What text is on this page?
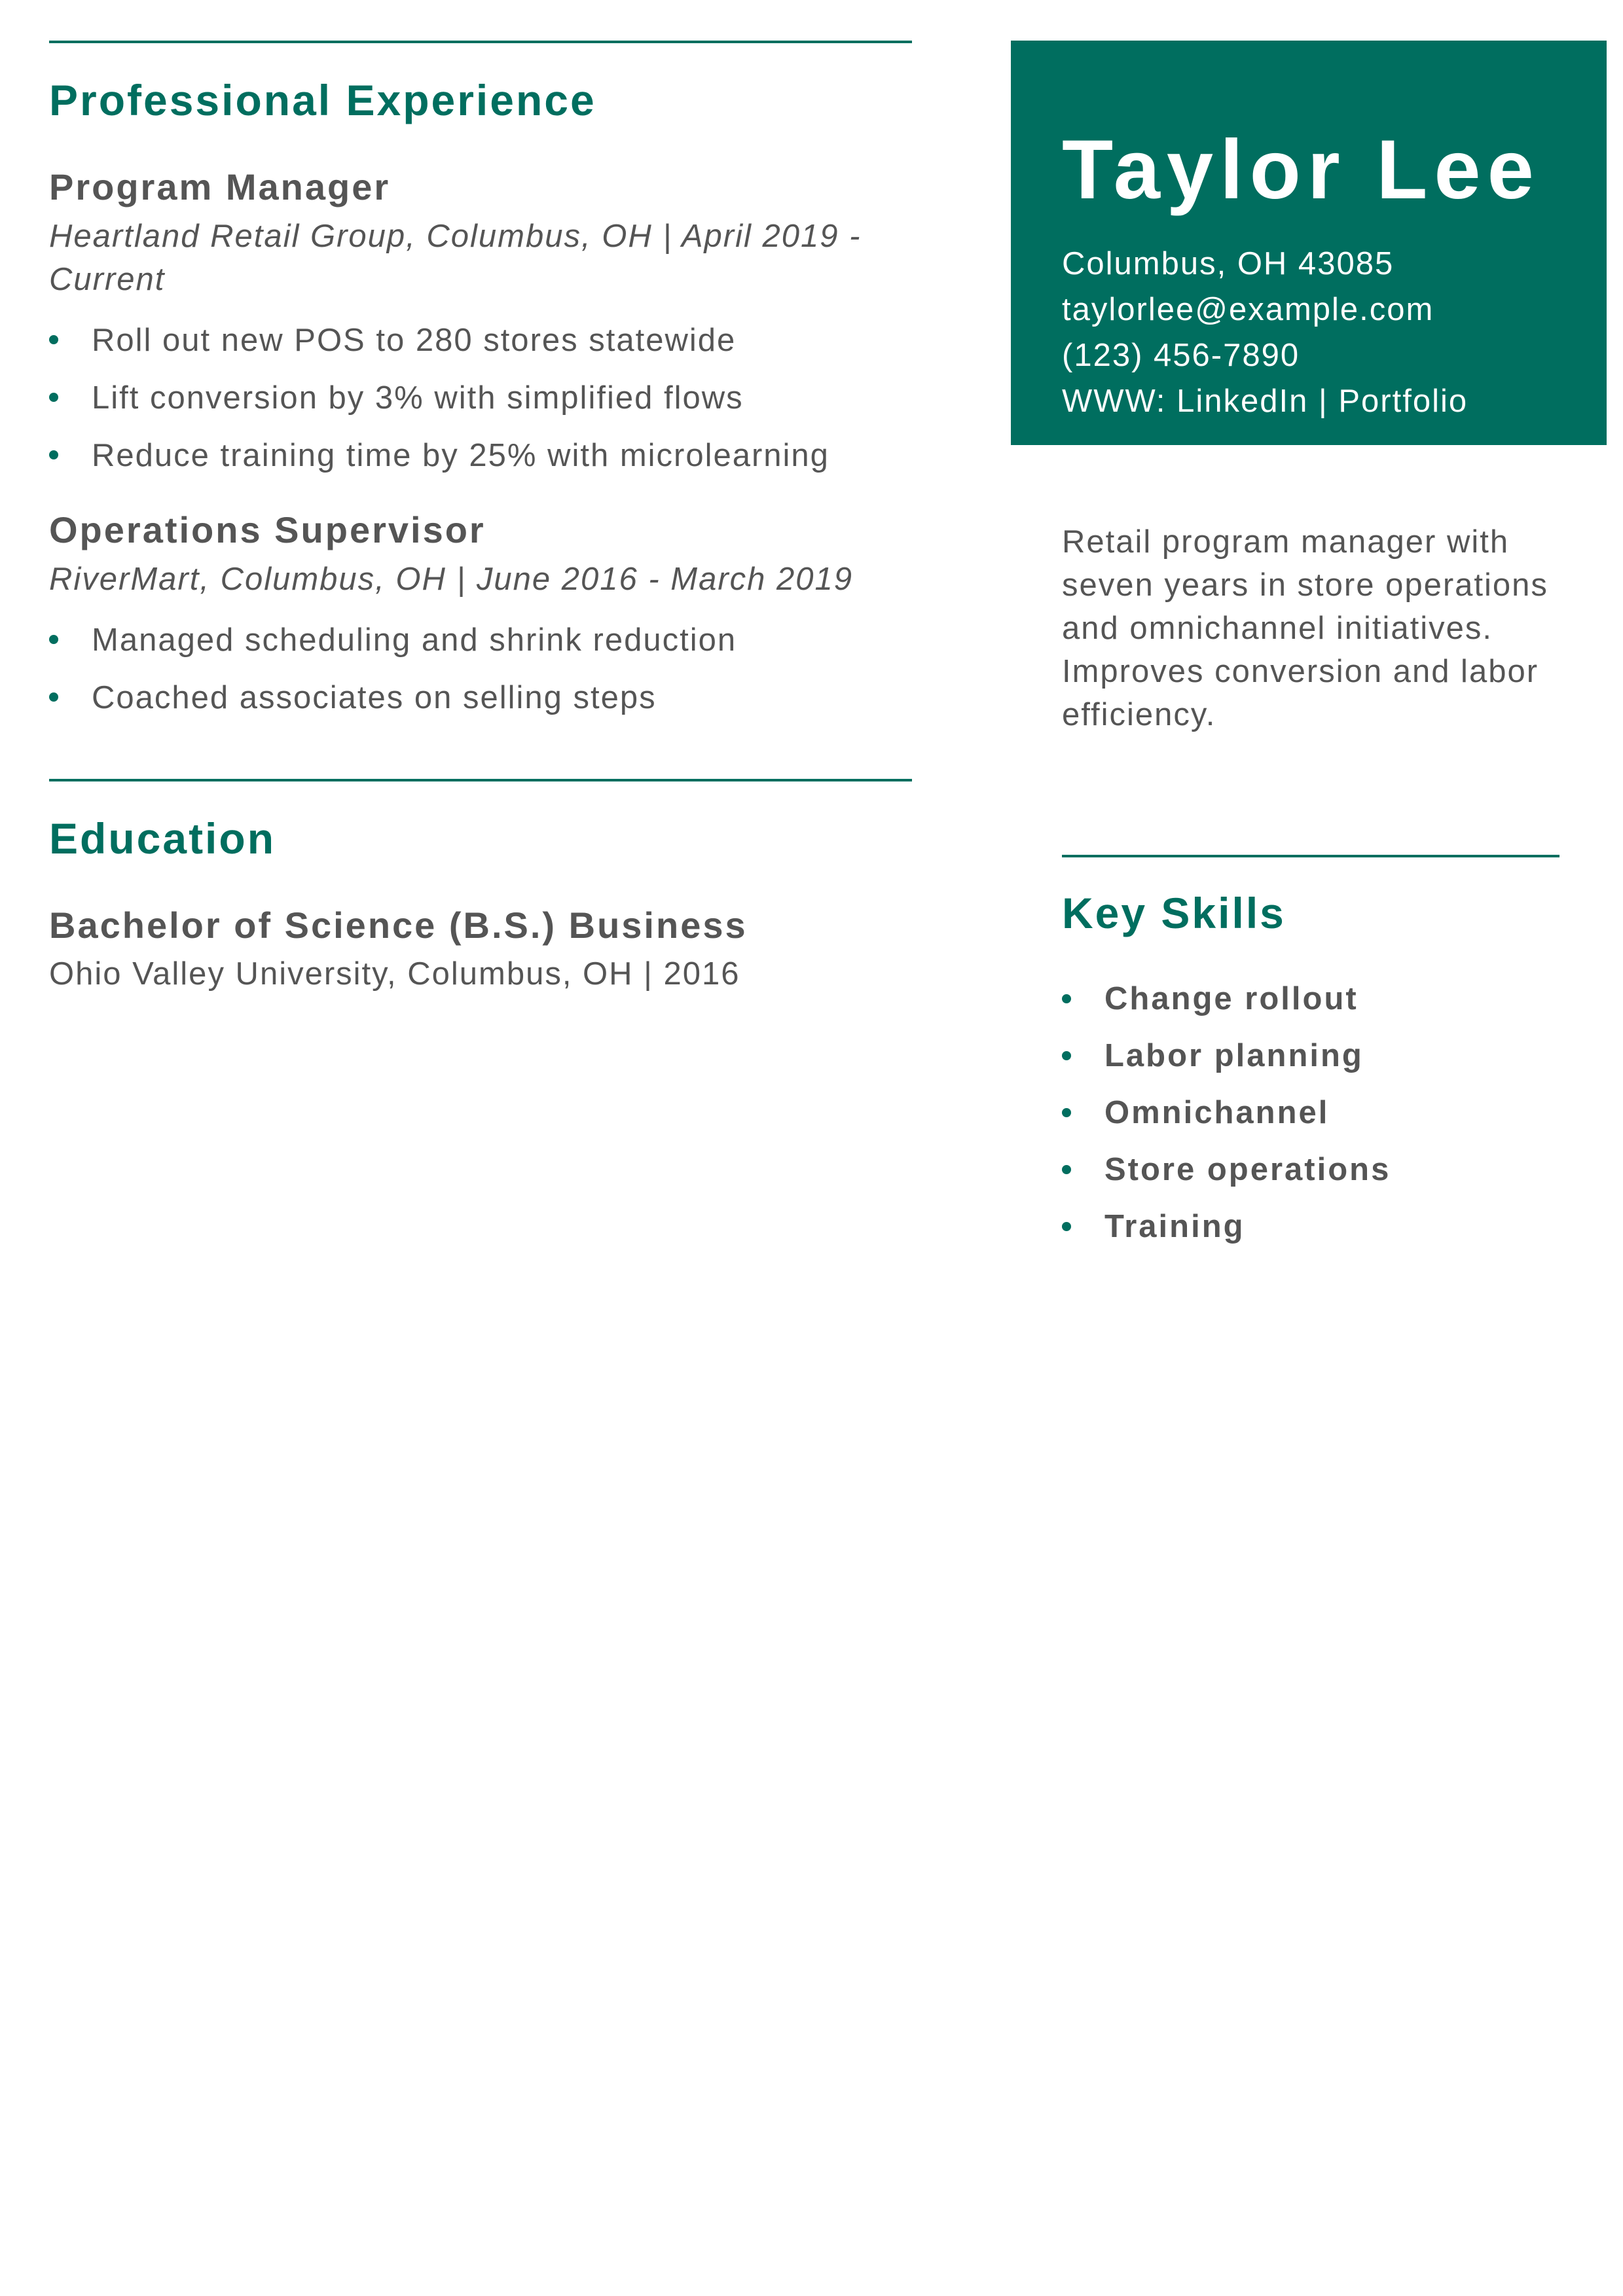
Professional Experience
Program Manager

Heartland Retail Group, Columbus, OH | April 2019 - Current

Roll out new POS to 280 stores statewide
Lift conversion by 3% with simplified flows
Reduce training time by 25% with microlearning
Operations Supervisor

RiverMart, Columbus, OH | June 2016 - March 2019

Managed scheduling and shrink reduction
Coached associates on selling steps
Education
Bachelor of Science (B.S.) Business

Ohio Valley University, Columbus, OH | 2016

Taylor Lee
Columbus, OH 43085
taylorlee@example.com
(123) 456-7890
WWW: LinkedIn | Portfolio

Retail program manager with seven years in store operations and omnichannel initiatives. Improves conversion and labor efficiency.

Key Skills
Change rollout
Labor planning
Omnichannel
Store operations
Training
